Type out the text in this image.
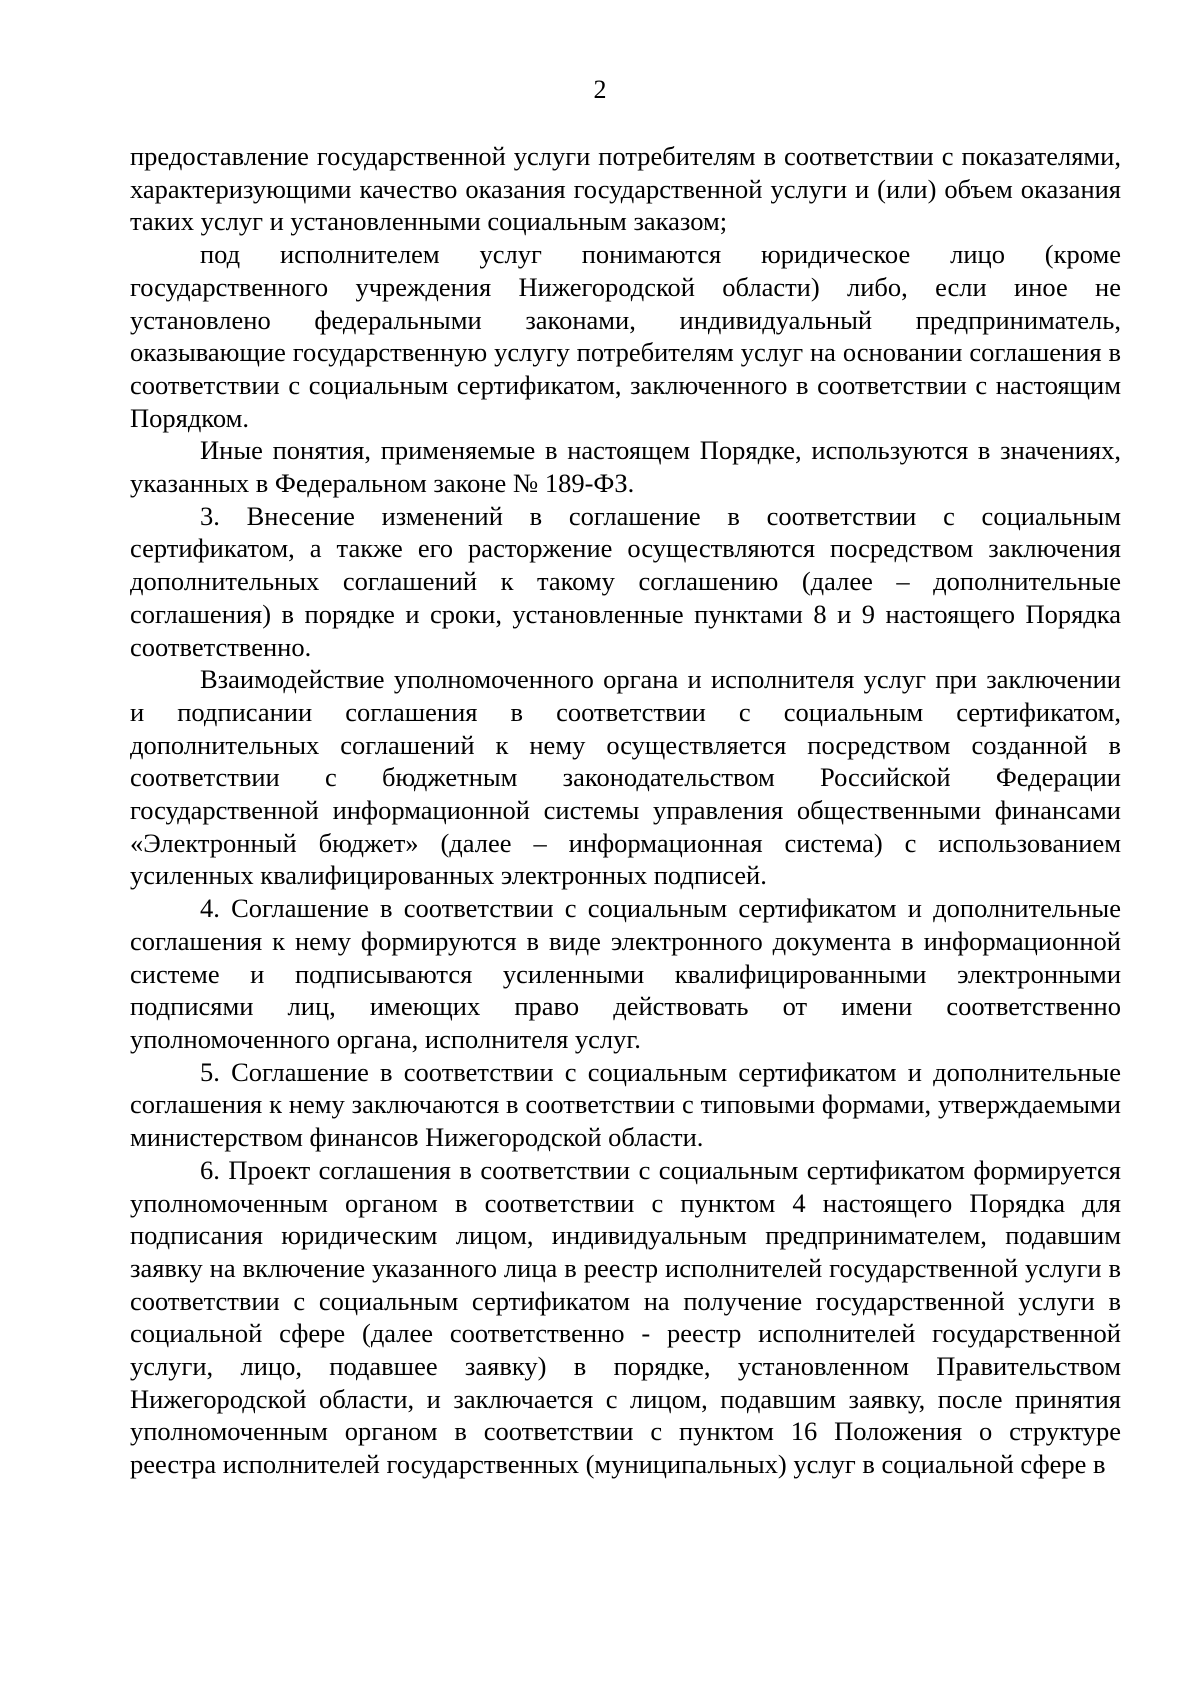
2

предоставление государственной услуги потребителям в соответствии с показателями, характеризующими качество оказания государственной услуги и (или) объем оказания таких услуг и установленными социальным заказом;

под исполнителем услуг понимаются юридическое лицо (кроме государственного учреждения Нижегородской области) либо, если иное не установлено федеральными законами, индивидуальный предприниматель, оказывающие государственную услугу потребителям услуг на основании соглашения в соответствии с социальным сертификатом, заключенного в соответствии с настоящим Порядком.

Иные понятия, применяемые в настоящем Порядке, используются в значениях, указанных в Федеральном законе № 189-ФЗ.

3. Внесение изменений в соглашение в соответствии с социальным сертификатом, а также его расторжение осуществляются посредством заключения дополнительных соглашений к такому соглашению (далее – дополнительные соглашения) в порядке и сроки, установленные пунктами 8 и 9 настоящего Порядка соответственно.

Взаимодействие уполномоченного органа и исполнителя услуг при заключении и подписании соглашения в соответствии с социальным сертификатом, дополнительных соглашений к нему осуществляется посредством созданной в соответствии с бюджетным законодательством Российской Федерации государственной информационной системы управления общественными финансами «Электронный бюджет» (далее – информационная система) с использованием усиленных квалифицированных электронных подписей.

4. Соглашение в соответствии с социальным сертификатом и дополнительные соглашения к нему формируются в виде электронного документа в информационной системе и подписываются усиленными квалифицированными электронными подписями лиц, имеющих право действовать от имени соответственно уполномоченного органа, исполнителя услуг.

5. Соглашение в соответствии с социальным сертификатом и дополнительные соглашения к нему заключаются в соответствии с типовыми формами, утверждаемыми министерством финансов Нижегородской области.

6. Проект соглашения в соответствии с социальным сертификатом формируется уполномоченным органом в соответствии с пунктом 4 настоящего Порядка для подписания юридическим лицом, индивидуальным предпринимателем, подавшим заявку на включение указанного лица в реестр исполнителей государственной услуги в соответствии с социальным сертификатом на получение государственной услуги в социальной сфере (далее соответственно - реестр исполнителей государственной услуги, лицо, подавшее заявку) в порядке, установленном Правительством Нижегородской области, и заключается с лицом, подавшим заявку, после принятия уполномоченным органом в соответствии с пунктом 16 Положения о структуре реестра исполнителей государственных (муниципальных) услуг в социальной сфере в
